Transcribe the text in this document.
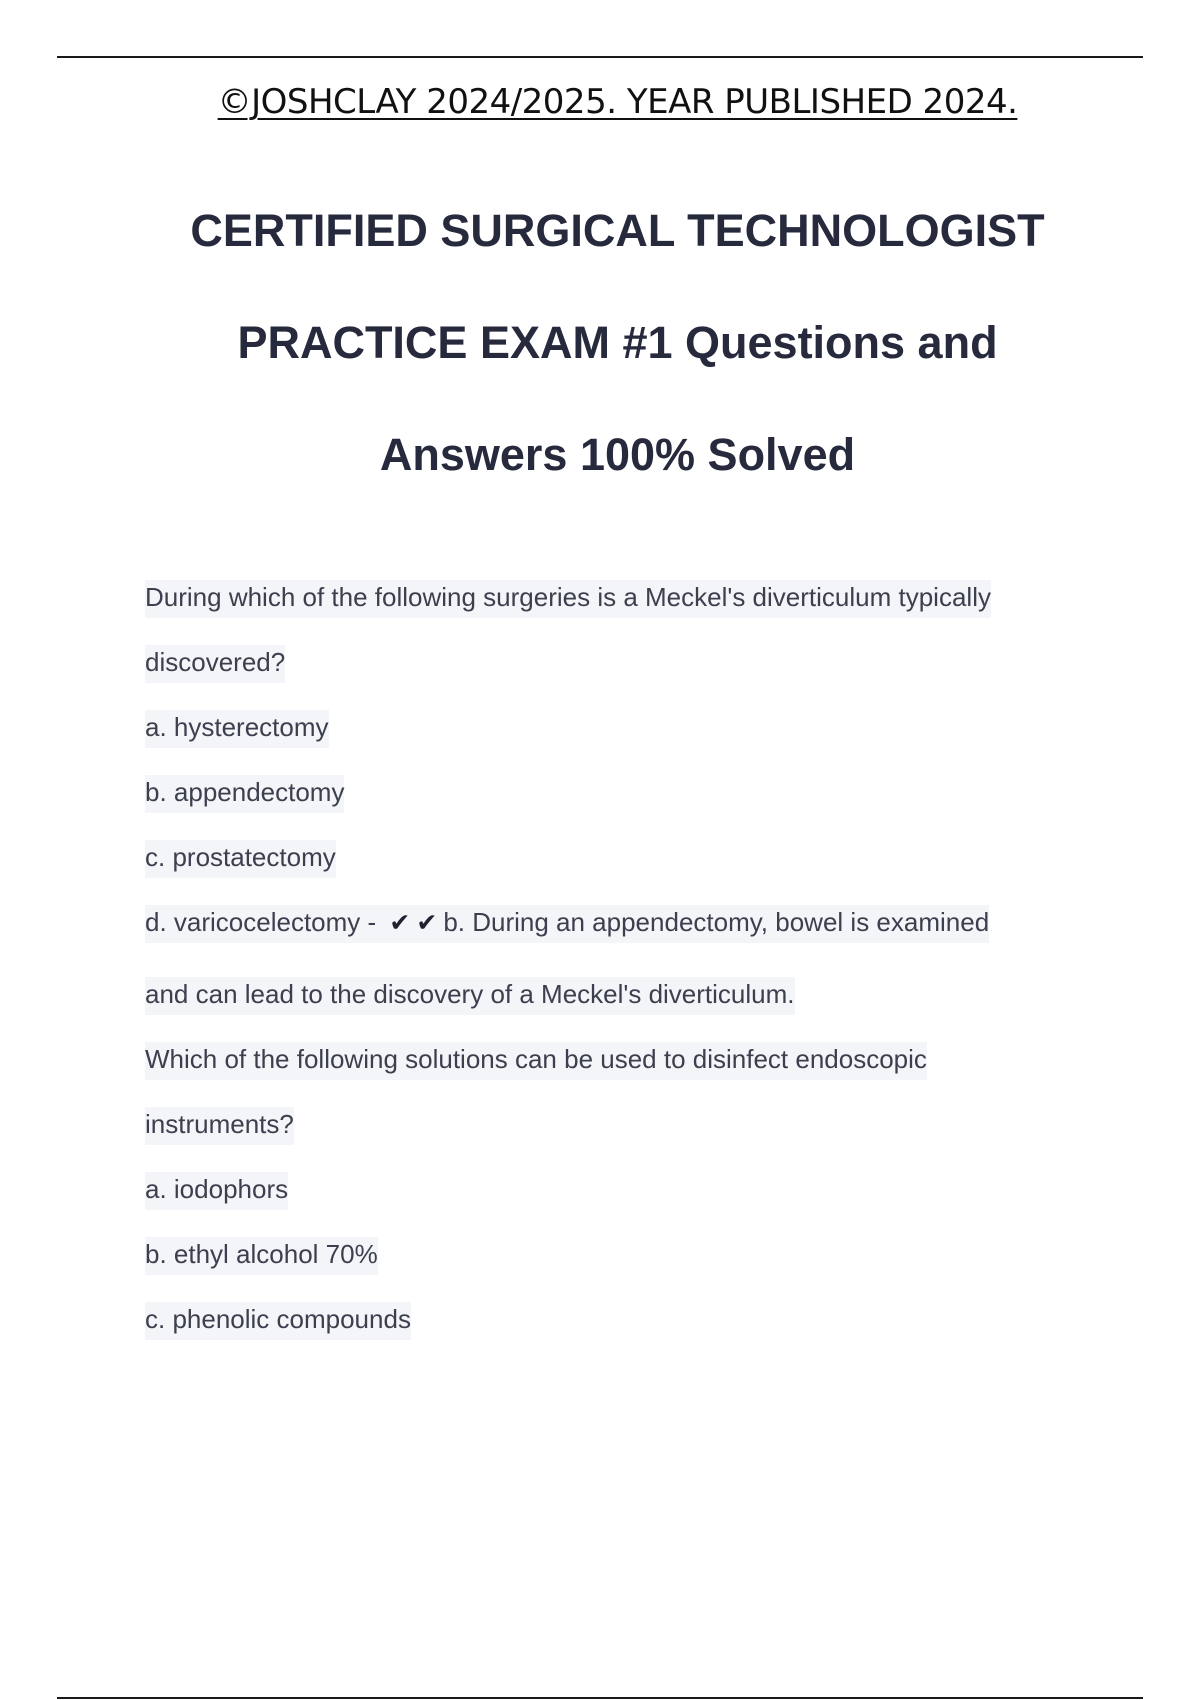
©JOSHCLAY 2024/2025. YEAR PUBLISHED 2024.
CERTIFIED SURGICAL TECHNOLOGIST
PRACTICE EXAM #1 Questions and
Answers 100% Solved
During which of the following surgeries is a Meckel's diverticulum typically
discovered?
a. hysterectomy
b. appendectomy
c. prostatectomy
d. varicocelectomy - ✔✔b. During an appendectomy, bowel is examined
and can lead to the discovery of a Meckel's diverticulum.
Which of the following solutions can be used to disinfect endoscopic
instruments?
a. iodophors
b. ethyl alcohol 70%
c. phenolic compounds
